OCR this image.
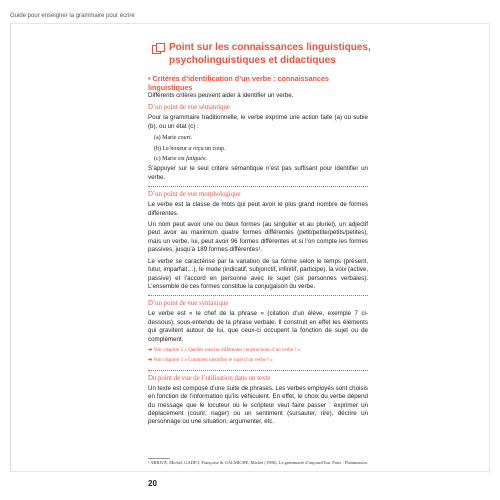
Guide pour enseigner la grammaire pour écrire
Point sur les connaissances linguistiques,
psycholinguistiques et didactiques

• Critères d’identification d’un verbe : connaissances linguistiques

Différents critères peuvent aider à identifier un verbe.

D’un point de vue sémantique

Pour la grammaire traditionnelle, le verbe exprime une action faite (a) ou subie (b), ou un état (c) :

(a) Marie court.
(b) Le boxeur a reçu un coup.
(c) Marie est fatiguée.

S’appuyer sur le seul critère sémantique n’est pas suffisant pour identifier un verbe.

D’un point de vue morphologique

Le verbe est la classe de mots qui peut avoir le plus grand nombre de formes différentes.

Un nom peut avoir une ou deux formes (au singulier et au pluriel), un adjectif peut avoir au maximum quatre formes différentes (petit/petite/petits/petites), mais un verbe, lui, peut avoir 96 formes différentes et si l’on compte les formes passives, jusqu’à 189 formes différentes¹.

Le verbe se caractérise par la variation de sa forme selon le temps (présent, futur, imparfait…), le mode (indicatif, subjonctif, infinitif, participe), la voix (active, passive) et l’accord en personne avec le sujet (six personnes verbales). L’ensemble de ces formes constitue la conjugaison du verbe.

D’un point de vue syntaxique

Le verbe est « le chef de la phrase » (citation d’un élève, exemple 7 ci-dessous), sous-entendu de la phrase verbale. Il construit en effet les éléments qui gravitent autour de lui, que ceux-ci occupent la fonction de sujet ou de complément.

➔ Voir chapitre 5 « Quelles sont les différentes constructions d’un verbe ? »
➔ Voir chapitre 3 « Comment identifier le sujet d’un verbe ? »
Du point de vue de l’utilisation dans un texte

Un texte est composé d’une suite de phrases. Les verbes employés sont choisis en fonction de l’information qu’ils véhiculent. En effet, le choix du verbe dépend du message que le locuteur ou le scripteur veut faire passer : exprimer un déplacement (courir, nager) ou un sentiment (sursauter, rire), décrire un personnage ou une situation, argumenter, etc.

¹ ARRIVÉ, Michel, GADET, Françoise & GALMICHE, Michel (1986). La grammaire d’aujourd’hui. Paris : Flammarion.
20
